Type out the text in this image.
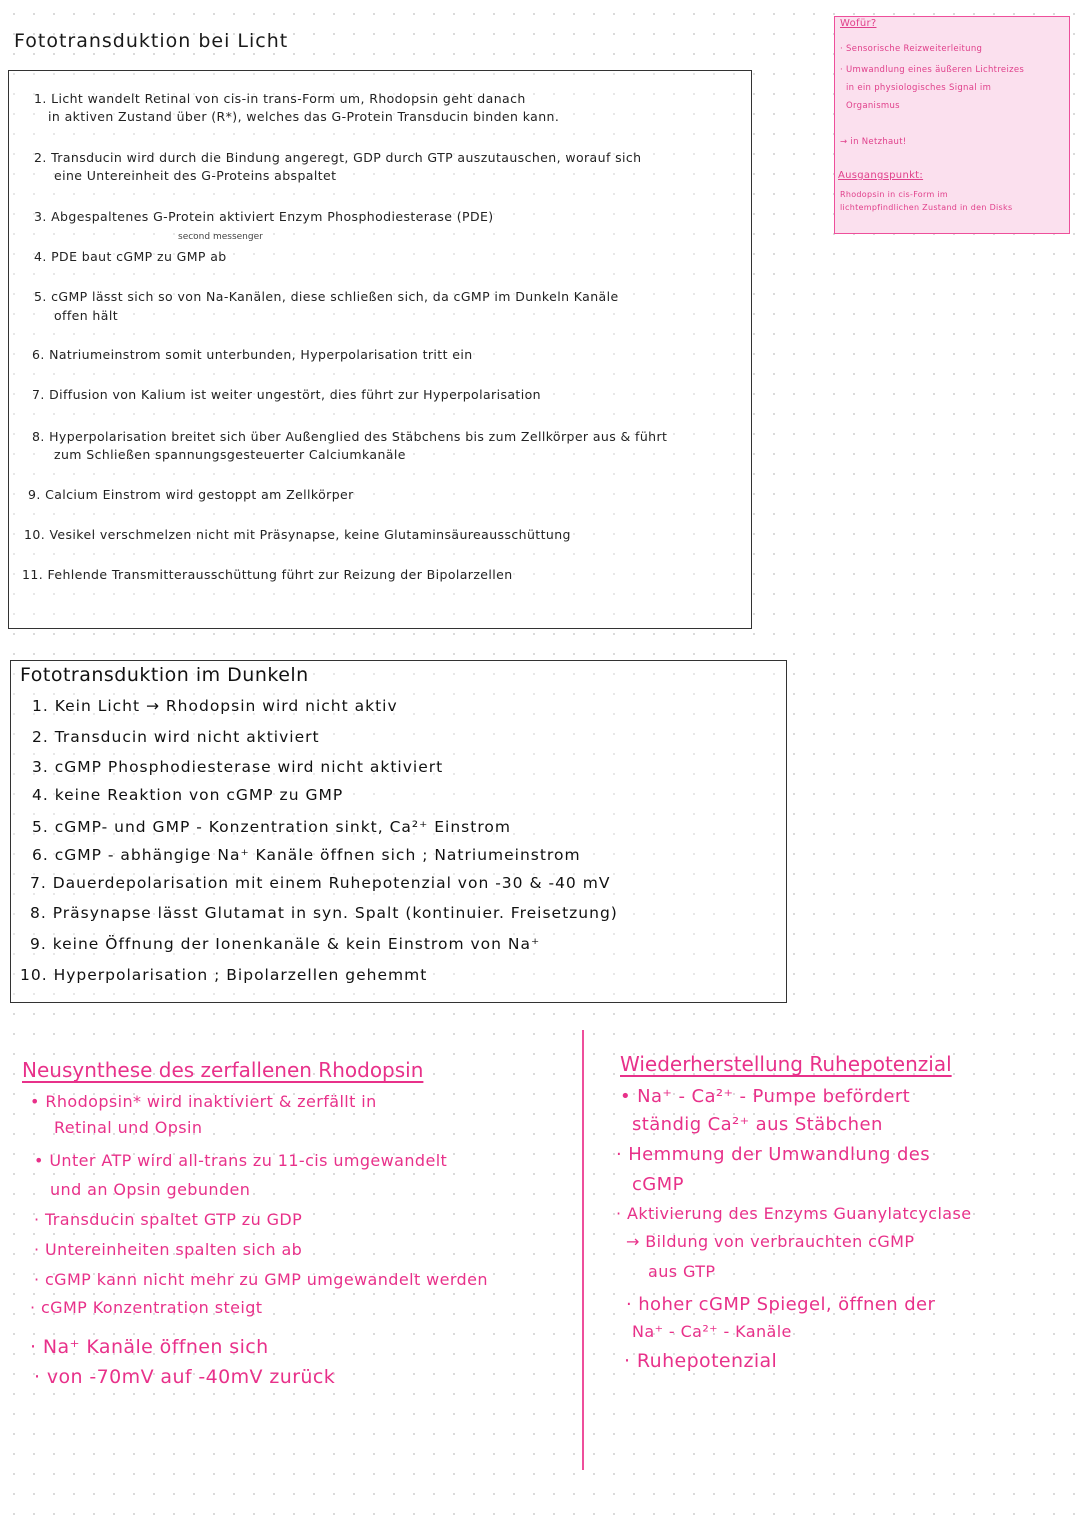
Fototransduktion bei Licht
1. Licht wandelt Retinal von cis-in trans-Form um, Rhodopsin geht danach
in aktiven Zustand über (R*), welches das G-Protein Transducin binden kann.
2. Transducin wird durch die Bindung angeregt, GDP durch GTP auszutauschen, worauf sich
eine Untereinheit des G-Proteins abspaltet
3. Abgespaltenes G-Protein aktiviert Enzym Phosphodiesterase (PDE)
second messenger
4. PDE baut cGMP zu GMP ab
5. cGMP lässt sich so von Na-Kanälen, diese schließen sich, da cGMP im Dunkeln Kanäle
offen hält
6. Natriumeinstrom somit unterbunden, Hyperpolarisation tritt ein
7. Diffusion von Kalium ist weiter ungestört, dies führt zur Hyperpolarisation
8. Hyperpolarisation breitet sich über Außenglied des Stäbchens bis zum Zellkörper aus & führt
zum Schließen spannungsgesteuerter Calciumkanäle
9. Calcium Einstrom wird gestoppt am Zellkörper
10. Vesikel verschmelzen nicht mit Präsynapse, keine Glutaminsäureausschüttung
11. Fehlende Transmitterausschüttung führt zur Reizung der Bipolarzellen
Wofür?
· Sensorische Reizweiterleitung
· Umwandlung eines äußeren Lichtreizes
in ein physiologisches Signal im
Organismus
→ in Netzhaut!
Ausgangspunkt:
Rhodopsin in cis-Form im
lichtempfindlichen Zustand in den Disks
Fototransduktion im Dunkeln
1. Kein Licht → Rhodopsin wird nicht aktiv
2. Transducin wird nicht aktiviert
3. cGMP Phosphodiesterase wird nicht aktiviert
4. keine Reaktion von cGMP zu GMP
5. cGMP- und GMP - Konzentration sinkt, Ca²⁺ Einstrom
6. cGMP - abhängige Na⁺ Kanäle öffnen sich ; Natriumeinstrom
7. Dauerdepolarisation mit einem Ruhepotenzial von -30 & -40 mV
8. Präsynapse lässt Glutamat in syn. Spalt (kontinuier. Freisetzung)
9. keine Öffnung der Ionenkanäle & kein Einstrom von Na⁺
10. Hyperpolarisation ; Bipolarzellen gehemmt
Neusynthese des zerfallenen Rhodopsin
• Rhodopsin* wird inaktiviert & zerfällt in
Retinal und Opsin
• Unter ATP wird all-trans zu 11-cis umgewandelt
und an Opsin gebunden
· Transducin spaltet GTP zu GDP
· Untereinheiten spalten sich ab
· cGMP kann nicht mehr zu GMP umgewandelt werden
· cGMP Konzentration steigt
· Na⁺ Kanäle öffnen sich
· von -70mV auf -40mV zurück
Wiederherstellung Ruhepotenzial
• Na⁺ - Ca²⁺ - Pumpe befördert
ständig Ca²⁺ aus Stäbchen
· Hemmung der Umwandlung des
cGMP
· Aktivierung des Enzyms Guanylatcyclase
→ Bildung von verbrauchten cGMP
aus GTP
· hoher cGMP Spiegel, öffnen der
Na⁺ - Ca²⁺ - Kanäle
· Ruhepotenzial
